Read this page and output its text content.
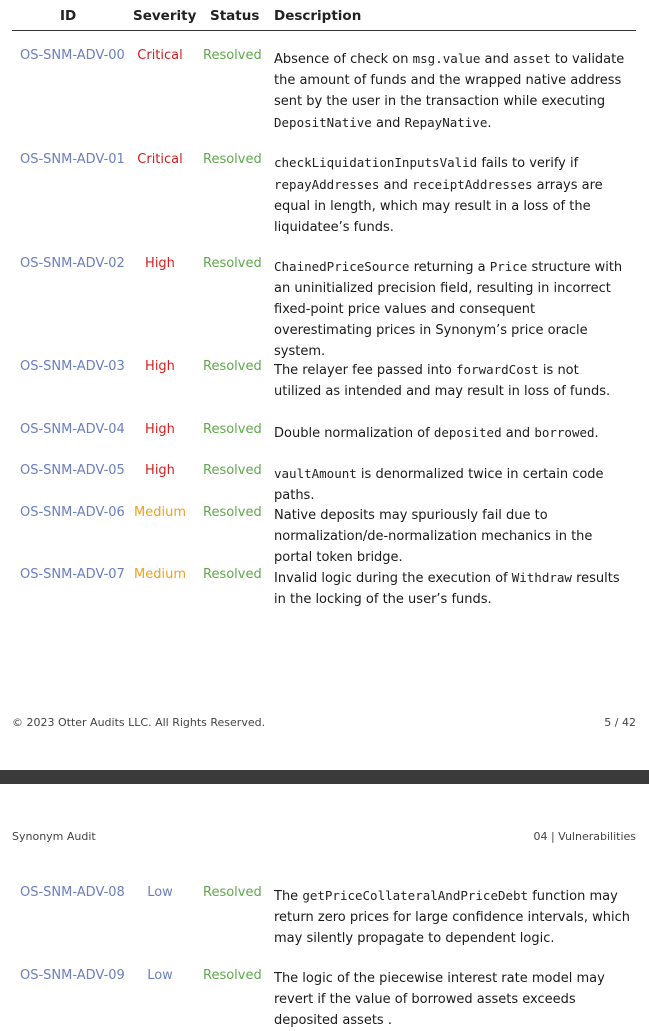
ID	Severity Status Description
OS-SNM-ADV-00 Critical	Resolved Absence of check on msg.value and asset to validate the amount of funds and the wrapped native address sent by the user in the transaction while executing DepositNative and RepayNative.
OS-SNM-ADV-01 Critical	Resolved checkLiquidationInputsValid fails to verify if repayAddresses and receiptAddresses arrays are equal in length, which may result in a loss of the liquidatee’s funds.
OS-SNM-ADV-02	High	Resolved ChainedPriceSource returning a Price structure with an uninitialized precision field, resulting in incorrect fixed-point price values and consequent overestimating prices in Synonym’s price oracle system.
OS-SNM-ADV-03	High	Resolved The relayer fee passed into forwardCost is not utilized as intended and may result in loss of funds.
OS-SNM-ADV-04	High	Resolved Double normalization of deposited and borrowed.
OS-SNM-ADV-05	High	Resolved vaultAmount is denormalized twice in certain code paths.
OS-SNM-ADV-06 Medium	Resolved Native deposits may spuriously fail due to normalization/de-normalization mechanics in the portal token bridge.
OS-SNM-ADV-07 Medium	Resolved Invalid logic during the execution of Withdraw results in the locking of the user’s funds.
© 2023 Otter Audits LLC. All Rights Reserved.	5 / 42
Synonym Audit	04 | Vulnerabilities
OS-SNM-ADV-08	Low	Resolved The getPriceCollateralAndPriceDebt function may return zero prices for large confidence intervals, which may silently propagate to dependent logic.
OS-SNM-ADV-09	Low	Resolved The logic of the piecewise interest rate model may revert if the value of borrowed assets exceeds deposited assets .
